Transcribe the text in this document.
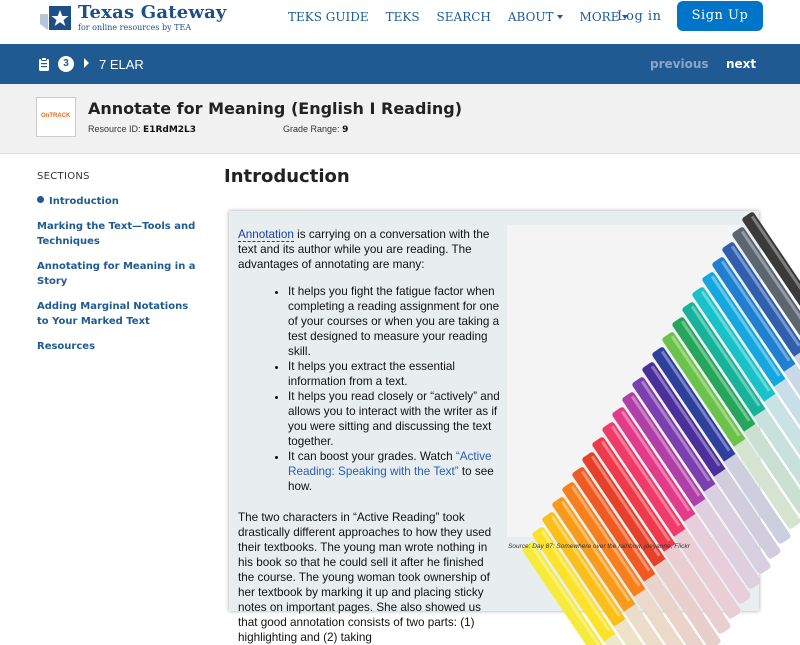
Texas Gateway
for online resources by TEA
TEKS GUIDE TEKS SEARCH ABOUT MORE
Log in	Sign Up
3	7 ELAR	previous next
OnTRACK Annotate for Meaning (English I Reading)
Resource ID: E1RdM2L3	Grade Range: 9
SECTIONS
Introduction
Marking the Text—Tools and Techniques
Annotating for Meaning in a Story
Adding Marginal Notations to Your Marked Text
Resources
Introduction

Annotation is carrying on a conversation with the text and its author while you are reading. The advantages of annotating are many:

• It helps you fight the fatigue factor when completing a reading assignment for one of your courses or when you are taking a test designed to measure your reading skill.
• It helps you extract the essential information from a text.
• It helps you read closely or “actively” and allows you to interact with the writer as if you were sitting and discussing the text together.
• It can boost your grades. Watch “Active Reading: Speaking with the Text” to see how.

The two characters in “Active Reading” took drastically different approaches to how they used their textbooks. The young man wrote nothing in his book so that he could sell it after he finished the course. The young woman took ownership of her textbook by marking it up and placing sticky notes on important pages. She also showed us that good annotation consists of two parts: (1) highlighting and (2) taking

Source: Day 87: Somewhere over the rainbow, joeyanne, Flickr
